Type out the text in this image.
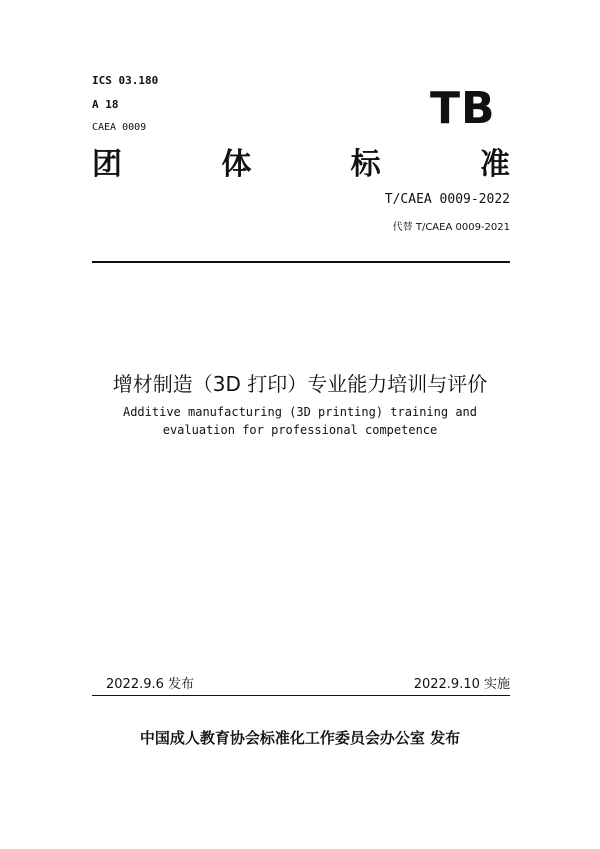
ICS 03.180
A 18
CAEA 0009	TB
团	体	标	准
T/CAEA 0009-2022
代替 T/CAEA 0009-2021
增材制造（3D 打印）专业能力培训与评价
Additive manufacturing (3D printing) training and
evaluation for professional competence
2022.9.6 发布	2022.9.10 实施
中国成人教育协会标准化工作委员会办公室 发布
